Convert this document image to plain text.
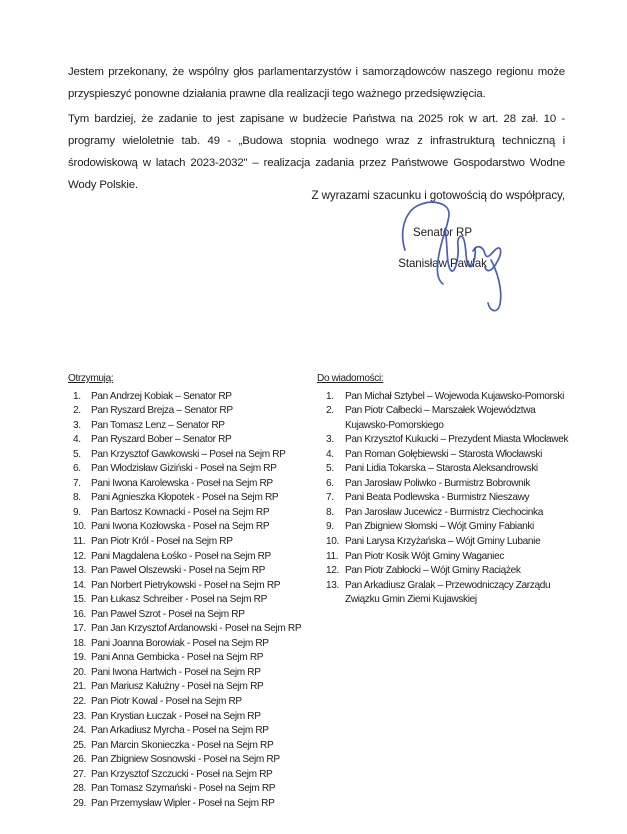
Jestem przekonany, że wspólny głos parlamentarzystów i samorządowców naszego regionu może przyspieszyć ponowne działania prawne dla realizacji tego ważnego przedsięwzięcia.

Tym bardziej, że zadanie to jest zapisane w budżecie Państwa na 2025 rok w art. 28 zał. 10 - programy wieloletnie tab. 49 - „Budowa stopnia wodnego wraz z infrastrukturą techniczną i środowiskową w latach 2023-2032" – realizacja zadania przez Państwowe Gospodarstwo Wodne Wody Polskie.

Z wyrazami szacunku i gotowością do współpracy,
Senator RP
Stanisław Pawlak
Otrzymują:
1.	Pan Andrzej Kobiak – Senator RP
2.	Pan Ryszard Brejza – Senator RP
3.	Pan Tomasz Lenz – Senator RP
4.	Pan Ryszard Bober – Senator RP
5.	Pan Krzysztof Gawkowski – Poseł na Sejm RP
6.	Pan Włodzisław Giziński - Poseł na Sejm RP
7.	Pani Iwona Karolewska - Poseł na Sejm RP
8.	Pani Agnieszka Kłopotek - Poseł na Sejm RP
9.	Pan Bartosz Kownacki - Poseł na Sejm RP
10. Pani Iwona Kozłowska - Poseł na Sejm RP
11. Pan Piotr Król - Poseł na Sejm RP
12. Pani Magdalena Łośko - Poseł na Sejm RP
13. Pan Paweł Olszewski - Poseł na Sejm RP
14. Pan Norbert Pietrykowski - Poseł na Sejm RP
15. Pan Łukasz Schreiber - Poseł na Sejm RP
16. Pan Paweł Szrot - Poseł na Sejm RP
17. Pan Jan Krzysztof Ardanowski - Poseł na Sejm RP
18. Pani Joanna Borowiak - Poseł na Sejm RP
19. Pani Anna Gembicka - Poseł na Sejm RP
20. Pani Iwona Hartwich - Poseł na Sejm RP
21. Pan Mariusz Kałużny - Poseł na Sejm RP
22. Pan Piotr Kowal - Poseł na Sejm RP
23. Pan Krystian Łuczak - Poseł na Sejm RP
24. Pan Arkadiusz Myrcha - Poseł na Sejm RP
25. Pan Marcin Skonieczka - Poseł na Sejm RP
26. Pan Zbigniew Sosnowski - Poseł na Sejm RP
27. Pan Krzysztof Szczucki - Poseł na Sejm RP
28. Pan Tomasz Szymański - Poseł na Sejm RP
29. Pan Przemysław Wipler - Poseł na Sejm RP
Do wiadomości:
1.	Pan Michał Sztybel – Wojewoda Kujawsko-Pomorski
2.	Pan Piotr Całbecki – Marszałek Województwa Kujawsko-Pomorskiego
3.	Pan Krzysztof Kukucki – Prezydent Miasta Włocławek
4.	Pan Roman Gołębiewski – Starosta Włocławski
5.	Pani Lidia Tokarska – Starosta Aleksandrowski
6.	Pan Jarosław Poliwko - Burmistrz Bobrownik
7.	Pani Beata Podlewska - Burmistrz Nieszawy
8.	Pan Jarosław Jucewicz - Burmistrz Ciechocinka
9.	Pan Zbigniew Słomski – Wójt Gminy Fabianki
10. Pani Larysa Krzyżańska – Wójt Gminy Lubanie
11. Pan Piotr Kosik Wójt Gminy Waganiec
12. Pan Piotr Zabłocki – Wójt Gminy Raciążek
13. Pan Arkadiusz Gralak – Przewodniczący Zarządu Związku Gmin Ziemi Kujawskiej
